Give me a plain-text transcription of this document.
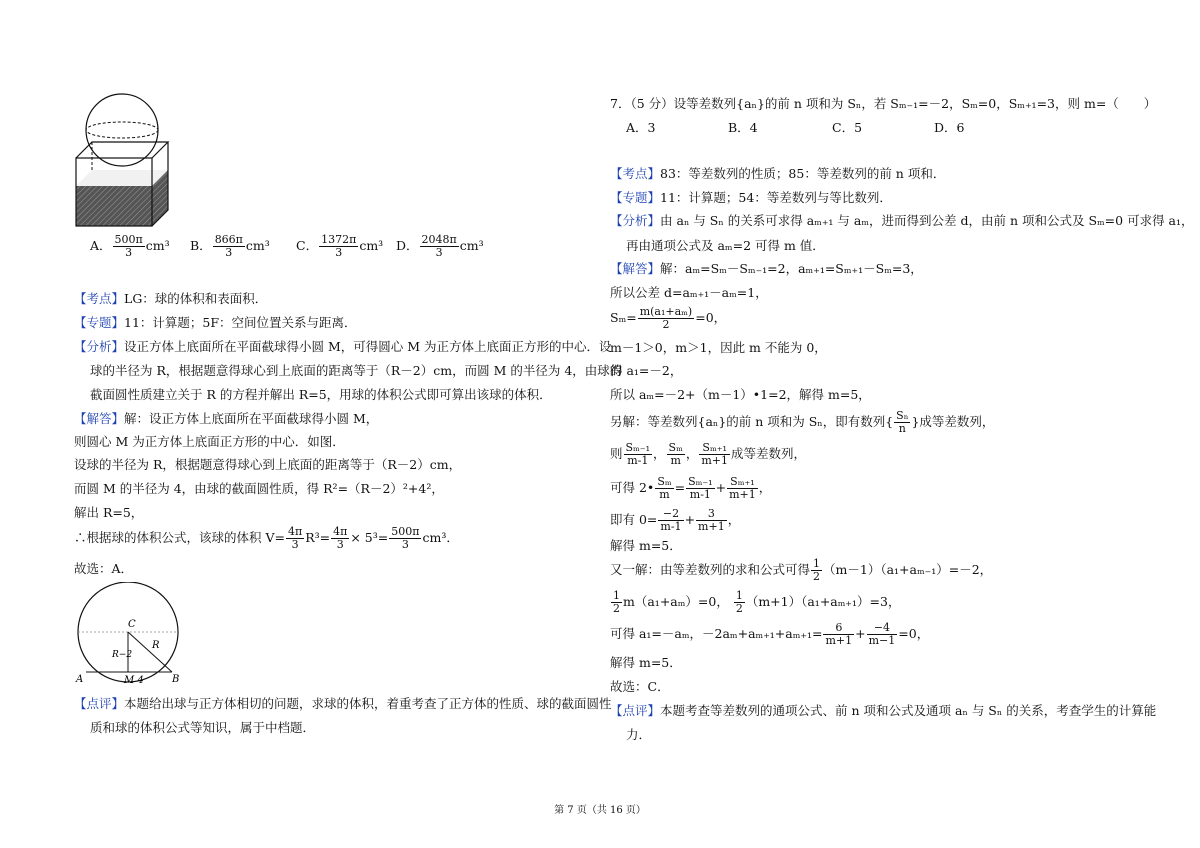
A． $\frac{500\pi}{3} cm^3$ B． $\frac{866\pi}{3} cm^3$ C． $\frac{1372\pi}{3} cm^3$ D． $\frac{2048\pi}{3} cm^3$
【考点】LG：球的体积和表面积．
【专题】11：计算题；5F：空间位置关系与距离．
【分析】设正方体上底面所在平面截球得小圆 M，可得圆心 M 为正方体上底面正方形的中心．设
球的半径为 R，根据题意得球心到上底面的距离等于（R－2）cm，而圆 M 的半径为 4，由球的
截面圆性质建立关于 R 的方程并解出 R=5，用球的体积公式即可算出该球的体积．
【解答】解：设正方体上底面所在平面截球得小圆 M，
则圆心 M 为正方体上底面正方形的中心．如图．
设球的半径为 R，根据题意得球心到上底面的距离等于（R－2）cm，
而圆 M 的半径为 4，由球的截面圆性质，得 R²=（R－2）²+4²，
解出 R=5，
∴根据球的体积公式，该球的体积 $V= \frac{4\pi}{3} R^3= \frac{4\pi}{3} \times 5^3= \frac{500\pi}{3} cm^3$．
故选：A．
C
R−2
R
A	M 4	B
【点评】本题给出球与正方体相切的问题，求球的体积，着重考查了正方体的性质、球的截面圆性
质和球的体积公式等知识，属于中档题．
7．（5 分）设等差数列{aₙ}的前 n 项和为 Sₙ，若 Sₘ₋₁=－2，Sₘ=0，Sₘ₊₁=3，则 m=（　　）
A．3	B．4	C．5	D．6
【考点】83：等差数列的性质；85：等差数列的前 n 项和．
【专题】11：计算题；54：等差数列与等比数列．
【分析】由 aₙ 与 Sₙ 的关系可求得 aₘ₊₁ 与 aₘ，进而得到公差 d，由前 n 项和公式及 Sₘ=0 可求得 a₁，
再由通项公式及 aₘ=2 可得 m 值．
【解答】解：aₘ=Sₘ－Sₘ₋₁=2，aₘ₊₁=Sₘ₊₁－Sₘ=3，
所以公差 d=aₘ₊₁－aₘ=1，
$S_m= \frac{\text{m(a₁+aₘ)}}{2} =0$，
m－1＞0，m＞1，因此 m 不能为 0，
得 a₁=－2，
所以 aₘ=－2+（m－1）•1=2，解得 m=5，
另解：等差数列{aₙ}的前 n 项和为 Sₙ，即有数列{ $\frac{\text{Sₙ}}{n}$ }成等差数列，
则 $\frac{\text{Sₘ₋₁}}{m-1}$ ， $\frac{\text{Sₘ}}{m}$ ， $\frac{\text{Sₘ₊₁}}{m+1}$ 成等差数列，
可得 2• $\frac{\text{Sₘ}}{m} = \frac{\text{Sₘ₋₁}}{m-1} + \frac{\text{Sₘ₊₁}}{m+1}$ ，
即有 $0= \frac{-2}{m-1} + \frac{3}{m+1}$ ，
解得 m=5．
又一解：由等差数列的求和公式可得 $\frac{1}{2} (m-1)(a_1+a_{m-1})=-2$，
$\frac{1}{2} m(a_1+a_m)=0$， $\frac{1}{2} (m+1)(a_1+a_{m+1})=3$，
可得 a₁=－aₘ，$-2a_m+a_{m+1}+a_{m+1}= \frac{6}{m+1} + \frac{-4}{m-1} =0$，
解得 m=5．
故选：C．
【点评】本题考查等差数列的通项公式、前 n 项和公式及通项 aₙ 与 Sₙ 的关系，考查学生的计算能
力．
第 7 页（共 16 页）
